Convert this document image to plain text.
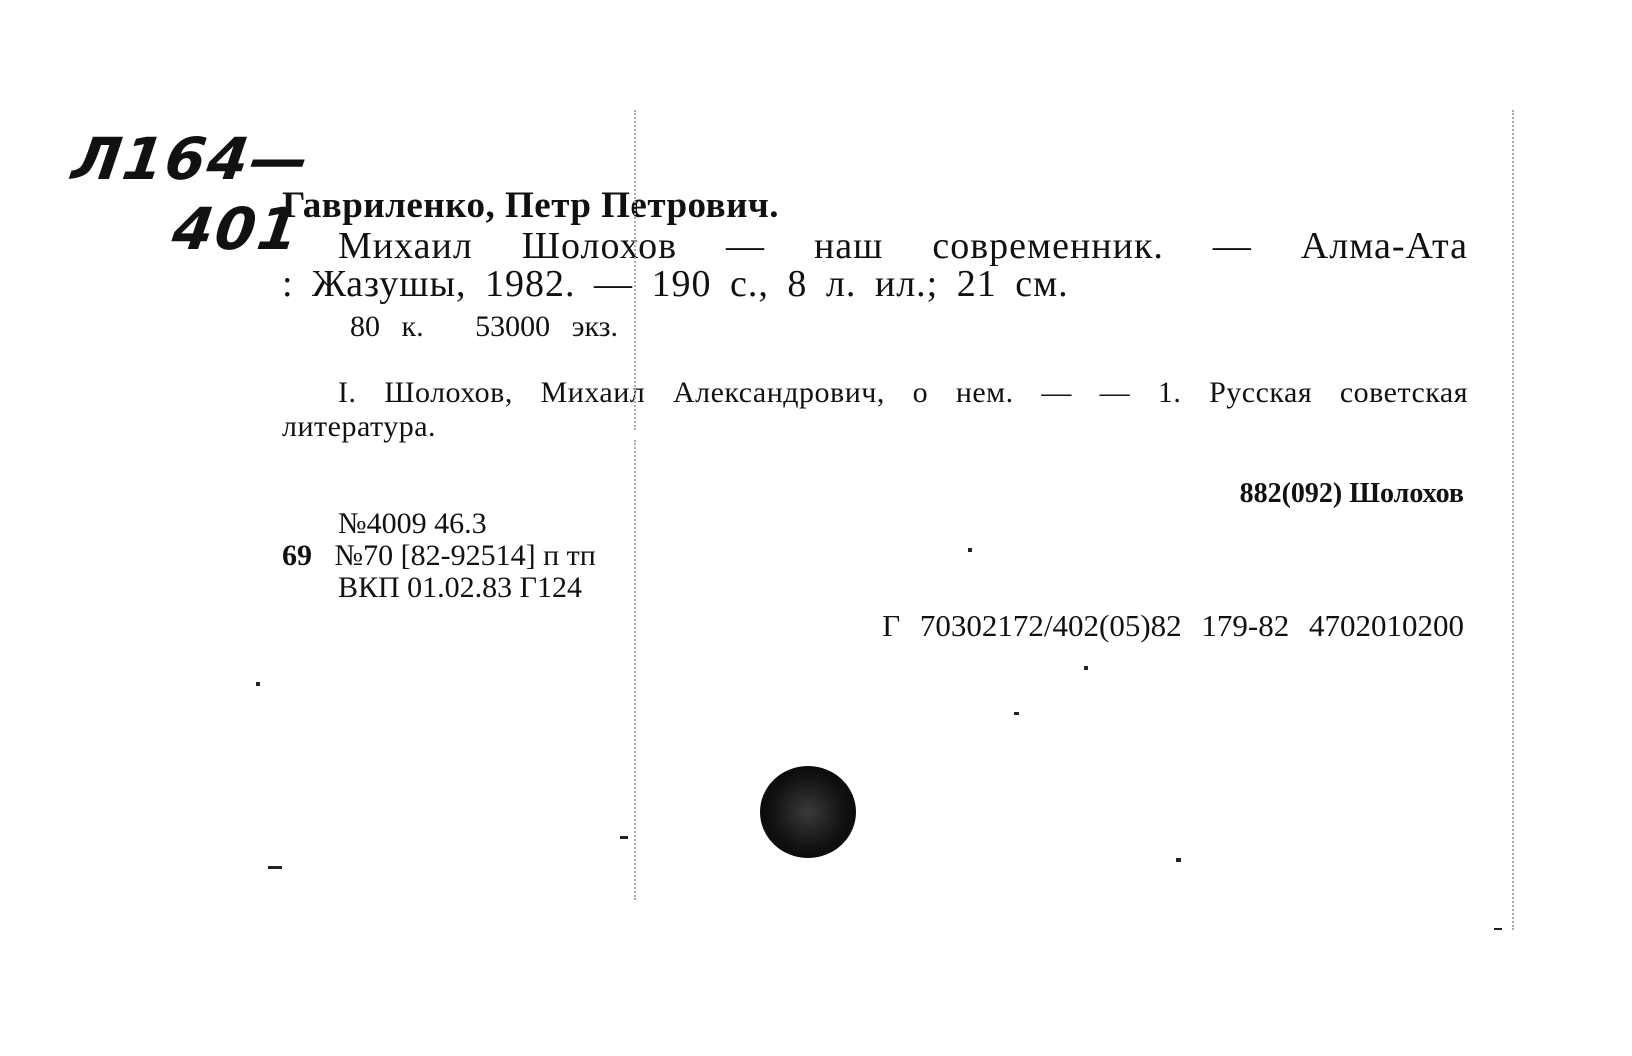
Л164—
401
Гавриленко, Петр Петрович.
Михаил Шолохов — наш современник. — Алма-Ата
: Жазушы, 1982. — 190 с., 8 л. ил.; 21 см.
80 к. 53000 экз.
I. Шолохов, Михаил Александрович, о нем. — — 1. Русская советская литература.
882(092) Шолохов
№4009 46.3
69 №70 [82-92514] п тп
ВКП 01.02.83 Г124
Г 70302172/402(05)82 179-82 4702010200
